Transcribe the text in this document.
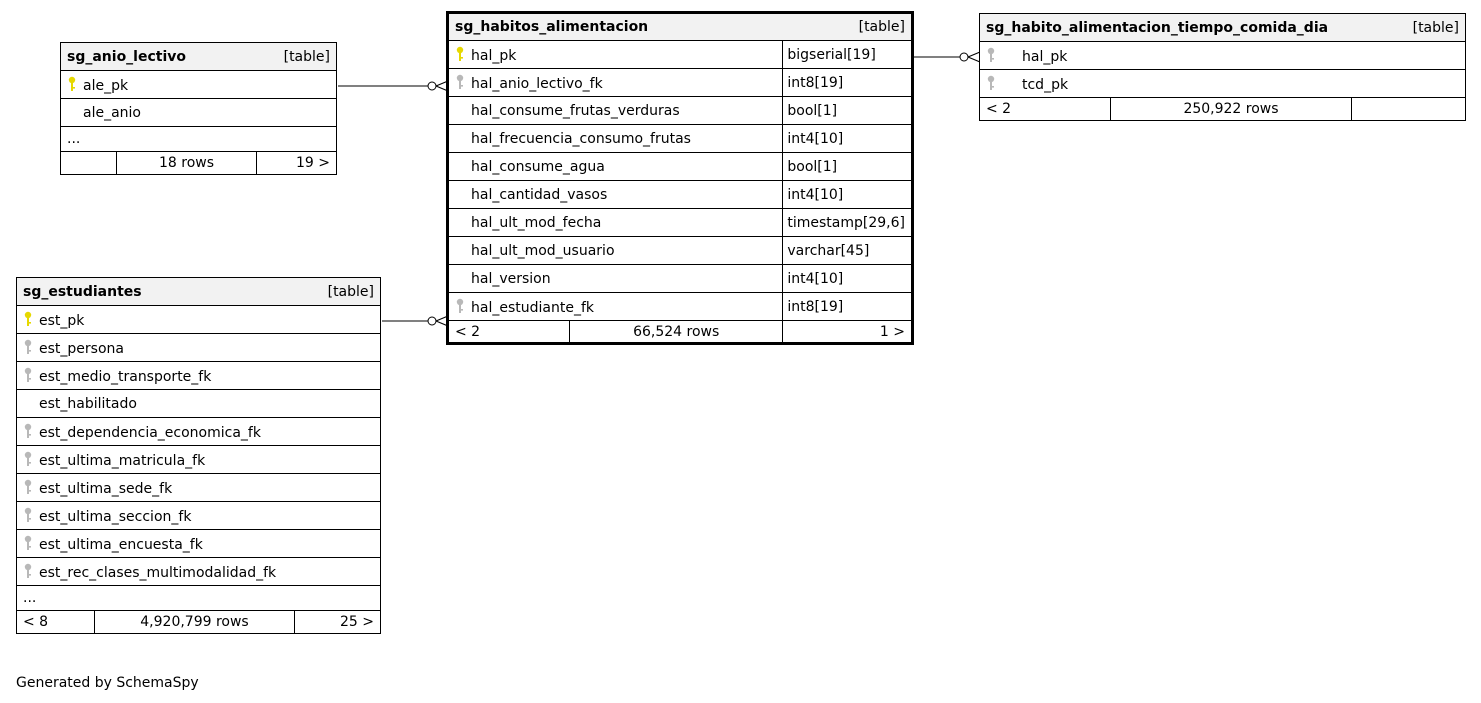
sg_anio_lectivo	[table]

ale_pk
ale_anio
...
	18 rows	19 >
sg_habitos_alimentacion [table]		

hal_pk		bigserial[19]

hal_anio_lectivo_fk		int8[19]
hal_consume_frutas_verduras		bool[1]
hal_frecuencia_consumo_frutas		int4[10]
hal_consume_agua		bool[1]
hal_cantidad_vasos		int4[10]
hal_ult_mod_fecha		timestamp[29,6]
hal_ult_mod_usuario		varchar[45]
hal_version		int4[10]

hal_estudiante_fk		int8[19]
< 2	66,524 rows	1 >
sg_habito_alimentacion_tiempo_comida_dia	[table]

hal_pk

tcd_pk
< 2	250,922 rows	
sg_estudiantes	[table]

est_pk

est_persona

est_medio_transporte_fk
est_habilitado

est_dependencia_economica_fk

est_ultima_matricula_fk

est_ultima_sede_fk

est_ultima_seccion_fk

est_ultima_encuesta_fk

est_rec_clases_multimodalidad_fk
...
< 8	4,920,799 rows	25 >
Generated by SchemaSpy
